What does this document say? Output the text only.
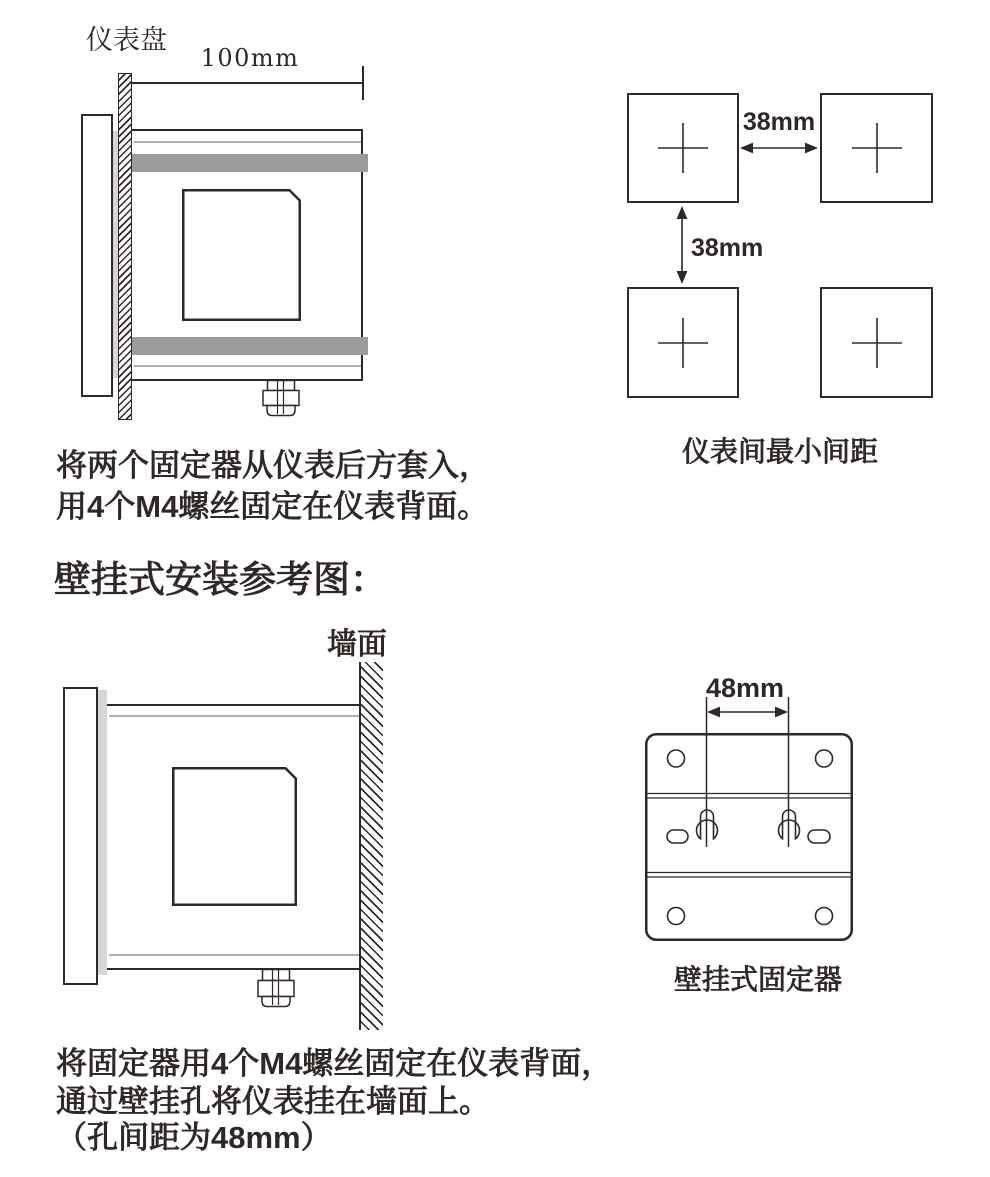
仪表盘
100mm
38mm
38mm
仪表间最小间距
将两个固定器从仪表后方套入，
用4个M4螺丝固定在仪表背面。
壁挂式安装参考图：
墙面
48mm
壁挂式固定器
将固定器用4个M4螺丝固定在仪表背面，
通过壁挂孔将仪表挂在墙面上。
（孔间距为48mm）
